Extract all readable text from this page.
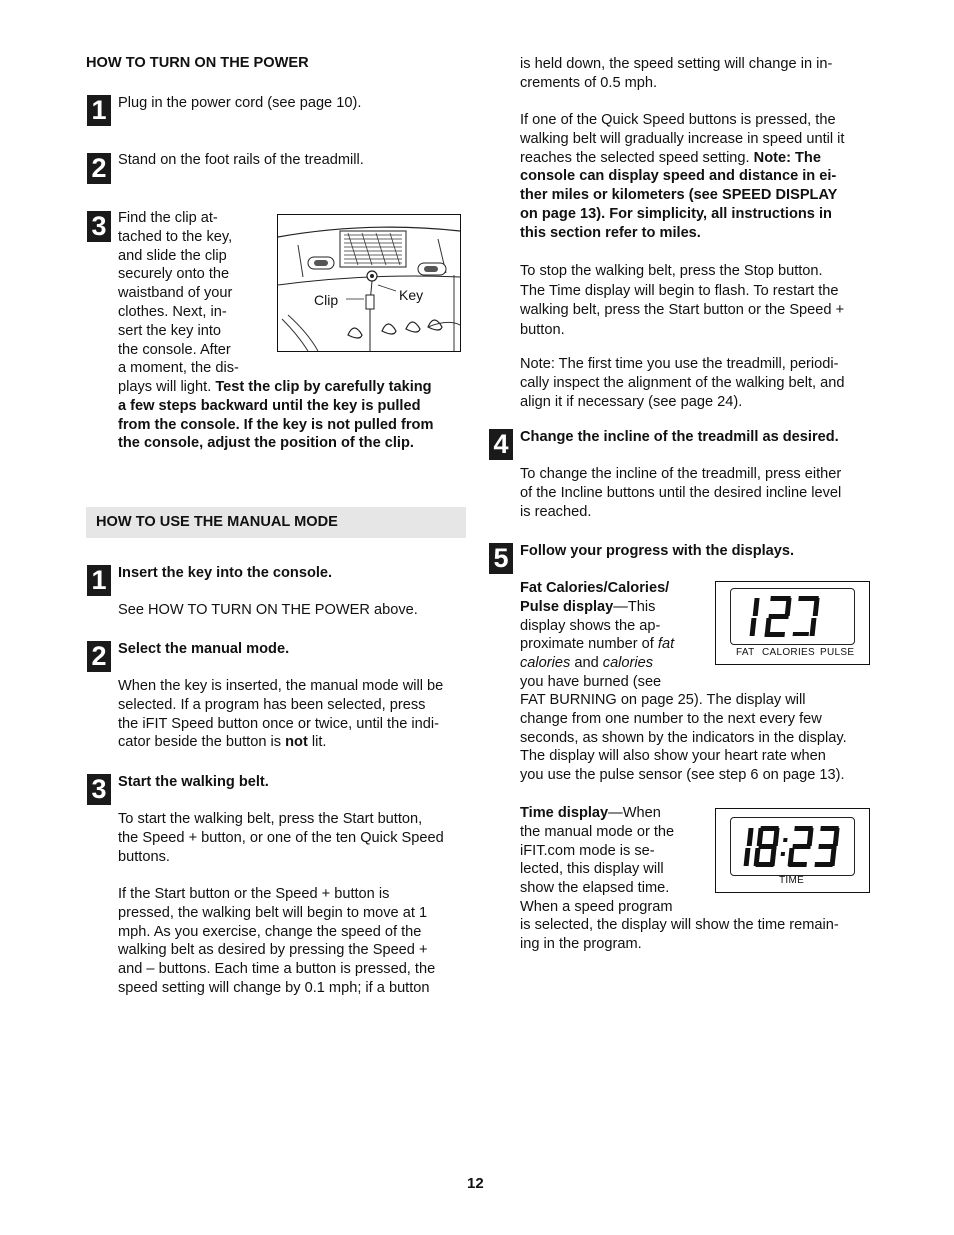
HOW TO TURN ON THE POWER
1 Plug in the power cord (see page 10).
2 Stand on the foot rails of the treadmill.
3 Find the clip at-
tached to the key,
and slide the clip
securely onto the
waistband of your
clothes. Next, in-
sert the key into
the console. After
a moment, the dis-
plays will light. Test the clip by carefully taking
a few steps backward until the key is pulled
from the console. If the key is not pulled from
the console, adjust the position of the clip.
Clip	Key
HOW TO USE THE MANUAL MODE
1 Insert the key into the console.
See HOW TO TURN ON THE POWER above.
2 Select the manual mode.
When the key is inserted, the manual mode will be
selected. If a program has been selected, press
the iFIT Speed button once or twice, until the indi-
cator beside the button is not lit.
3 Start the walking belt.
To start the walking belt, press the Start button,
the Speed + button, or one of the ten Quick Speed
buttons.
If the Start button or the Speed + button is
pressed, the walking belt will begin to move at 1
mph. As you exercise, change the speed of the
walking belt as desired by pressing the Speed +
and – buttons. Each time a button is pressed, the
speed setting will change by 0.1 mph; if a button
is held down, the speed setting will change in in-
crements of 0.5 mph.
If one of the Quick Speed buttons is pressed, the
walking belt will gradually increase in speed until it
reaches the selected speed setting. Note: The
console can display speed and distance in ei-
ther miles or kilometers (see SPEED DISPLAY
on page 13). For simplicity, all instructions in
this section refer to miles.
To stop the walking belt, press the Stop button.
The Time display will begin to flash. To restart the
walking belt, press the Start button or the Speed +
button.
Note: The first time you use the treadmill, periodi-
cally inspect the alignment of the walking belt, and
align it if necessary (see page 24).
4 Change the incline of the treadmill as desired.
To change the incline of the treadmill, press either
of the Incline buttons until the desired incline level
is reached.
5 Follow your progress with the displays.
Fat Calories/Calories/
Pulse display—This
display shows the ap-
proximate number of fat
calories and calories
you have burned (see
FAT BURNING on page 25). The display will
change from one number to the next every few
seconds, as shown by the indicators in the display.
The display will also show your heart rate when
you use the pulse sensor (see step 6 on page 13).
FAT CALORIES PULSE
Time display—When
the manual mode or the
iFIT.com mode is se-
lected, this display will
show the elapsed time.
When a speed program
is selected, the display will show the time remain-
ing in the program.
TIME
12
